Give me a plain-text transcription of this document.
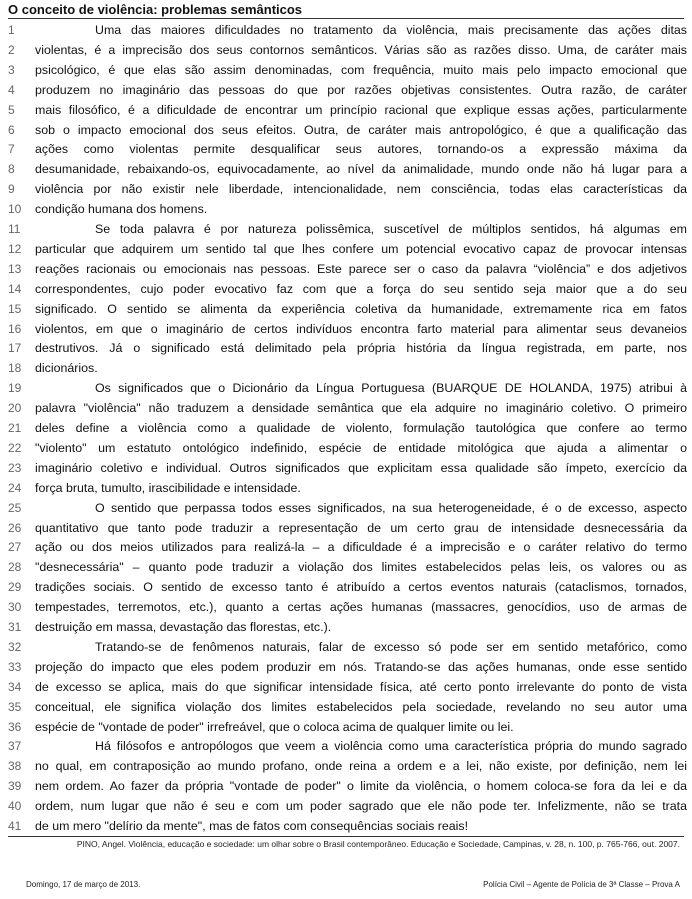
O conceito de violência: problemas semânticos
1	Uma das maiores dificuldades no tratamento da violência, mais precisamente das ações ditas
2	violentas, é a imprecisão dos seus contornos semânticos. Várias são as razões disso. Uma, de caráter mais
3	psicológico, é que elas são assim denominadas, com frequência, muito mais pelo impacto emocional que
4	produzem no imaginário das pessoas do que por razões objetivas consistentes. Outra razão, de caráter
5	mais filosófico, é a dificuldade de encontrar um princípio racional que explique essas ações, particularmente
6	sob o impacto emocional dos seus efeitos. Outra, de caráter mais antropológico, é que a qualificação das
7	ações como violentas permite desqualificar seus autores, tornando-os a expressão máxima da
8	desumanidade, rebaixando-os, equivocadamente, ao nível da animalidade, mundo onde não há lugar para a
9	violência por não existir nele liberdade, intencionalidade, nem consciência, todas elas características da
10	condição humana dos homens.
11	Se toda palavra é por natureza polissêmica, suscetível de múltiplos sentidos, há algumas em
12	particular que adquirem um sentido tal que lhes confere um potencial evocativo capaz de provocar intensas
13	reações racionais ou emocionais nas pessoas. Este parece ser o caso da palavra “violência” e dos adjetivos
14	correspondentes, cujo poder evocativo faz com que a força do seu sentido seja maior que a do seu
15	significado. O sentido se alimenta da experiência coletiva da humanidade, extremamente rica em fatos
16	violentos, em que o imaginário de certos indivíduos encontra farto material para alimentar seus devaneios
17	destrutivos. Já o significado está delimitado pela própria história da língua registrada, em parte, nos
18	dicionários.
19	Os significados que o Dicionário da Língua Portuguesa (BUARQUE DE HOLANDA, 1975) atribui à
20	palavra "violência" não traduzem a densidade semântica que ela adquire no imaginário coletivo. O primeiro
21	deles define a violência como a qualidade de violento, formulação tautológica que confere ao termo
22	"violento" um estatuto ontológico indefinido, espécie de entidade mitológica que ajuda a alimentar o
23	imaginário coletivo e individual. Outros significados que explicitam essa qualidade são ímpeto, exercício da
24	força bruta, tumulto, irascibilidade e intensidade.
25	O sentido que perpassa todos esses significados, na sua heterogeneidade, é o de excesso, aspecto
26	quantitativo que tanto pode traduzir a representação de um certo grau de intensidade desnecessária da
27	ação ou dos meios utilizados para realizá-la – a dificuldade é a imprecisão e o caráter relativo do termo
28	"desnecessária" – quanto pode traduzir a violação dos limites estabelecidos pelas leis, os valores ou as
29	tradições sociais. O sentido de excesso tanto é atribuído a certos eventos naturais (cataclismos, tornados,
30	tempestades, terremotos, etc.), quanto a certas ações humanas (massacres, genocídios, uso de armas de
31	destruição em massa, devastação das florestas, etc.).
32	Tratando-se de fenômenos naturais, falar de excesso só pode ser em sentido metafórico, como
33	projeção do impacto que eles podem produzir em nós. Tratando-se das ações humanas, onde esse sentido
34	de excesso se aplica, mais do que significar intensidade física, até certo ponto irrelevante do ponto de vista
35	conceitual, ele significa violação dos limites estabelecidos pela sociedade, revelando no seu autor uma
36	espécie de "vontade de poder" irrefreável, que o coloca acima de qualquer limite ou lei.
37	Há filósofos e antropólogos que veem a violência como uma característica própria do mundo sagrado
38	no qual, em contraposição ao mundo profano, onde reina a ordem e a lei, não existe, por definição, nem lei
39	nem ordem. Ao fazer da própria "vontade de poder" o limite da violência, o homem coloca-se fora da lei e da
40	ordem, num lugar que não é seu e com um poder sagrado que ele não pode ter. Infelizmente, não se trata
41	de um mero "delírio da mente", mas de fatos com consequências sociais reais!
PINO, Angel. Violência, educação e sociedade: um olhar sobre o Brasil contemporâneo. Educação e Sociedade, Campinas, v. 28, n. 100, p. 765-766, out. 2007.
Domingo, 17 de março de 2013.	Polícia Civil – Agente de Polícia de 3ª Classe – Prova A
